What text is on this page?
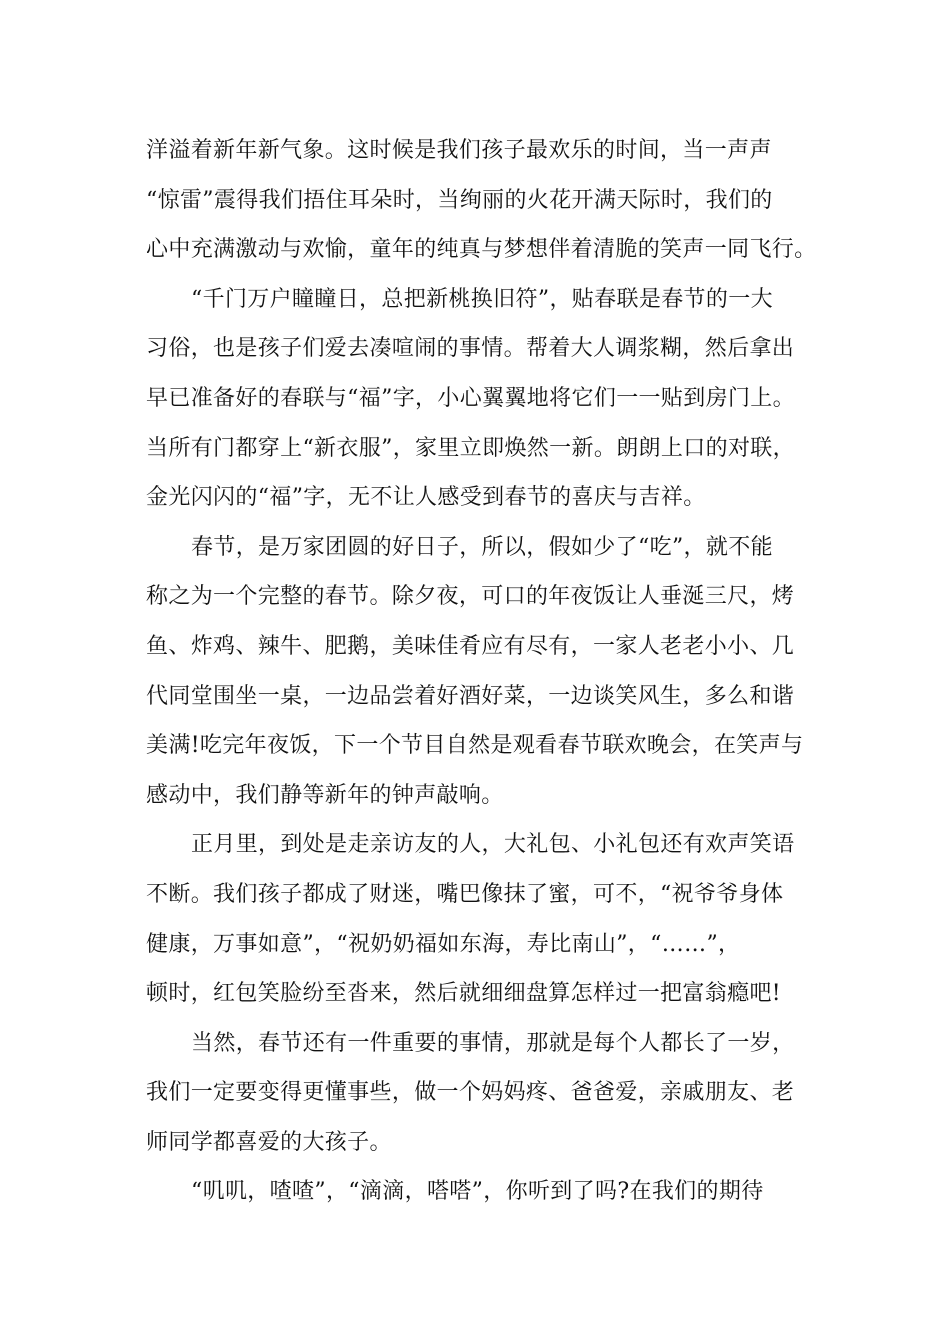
洋溢着新年新气象。这时候是我们孩子最欢乐的时间，当一声声
“惊雷”震得我们捂住耳朵时，当绚丽的火花开满天际时，我们的
心中充满激动与欢愉，童年的纯真与梦想伴着清脆的笑声一同飞行。
“千门万户瞳瞳日，总把新桃换旧符”，贴春联是春节的一大
习俗，也是孩子们爱去凑喧闹的事情。帮着大人调浆糊，然后拿出
早已准备好的春联与“福”字，小心翼翼地将它们一一贴到房门上。
当所有门都穿上“新衣服”，家里立即焕然一新。朗朗上口的对联，
金光闪闪的“福”字，无不让人感受到春节的喜庆与吉祥。
春节，是万家团圆的好日子，所以，假如少了“吃”，就不能
称之为一个完整的春节。除夕夜，可口的年夜饭让人垂涎三尺，烤
鱼、炸鸡、辣牛、肥鹅，美味佳肴应有尽有，一家人老老小小、几
代同堂围坐一桌，一边品尝着好酒好菜，一边谈笑风生，多么和谐
美满!吃完年夜饭，下一个节目自然是观看春节联欢晚会，在笑声与
感动中，我们静等新年的钟声敲响。
正月里，到处是走亲访友的人，大礼包、小礼包还有欢声笑语
不断。我们孩子都成了财迷，嘴巴像抹了蜜，可不，“祝爷爷身体
健康，万事如意”，“祝奶奶福如东海，寿比南山”，“……”，
顿时，红包笑脸纷至沓来，然后就细细盘算怎样过一把富翁瘾吧!
当然，春节还有一件重要的事情，那就是每个人都长了一岁，
我们一定要变得更懂事些，做一个妈妈疼、爸爸爱，亲戚朋友、老
师同学都喜爱的大孩子。
“叽叽，喳喳”，“滴滴，嗒嗒”，你听到了吗?在我们的期待
